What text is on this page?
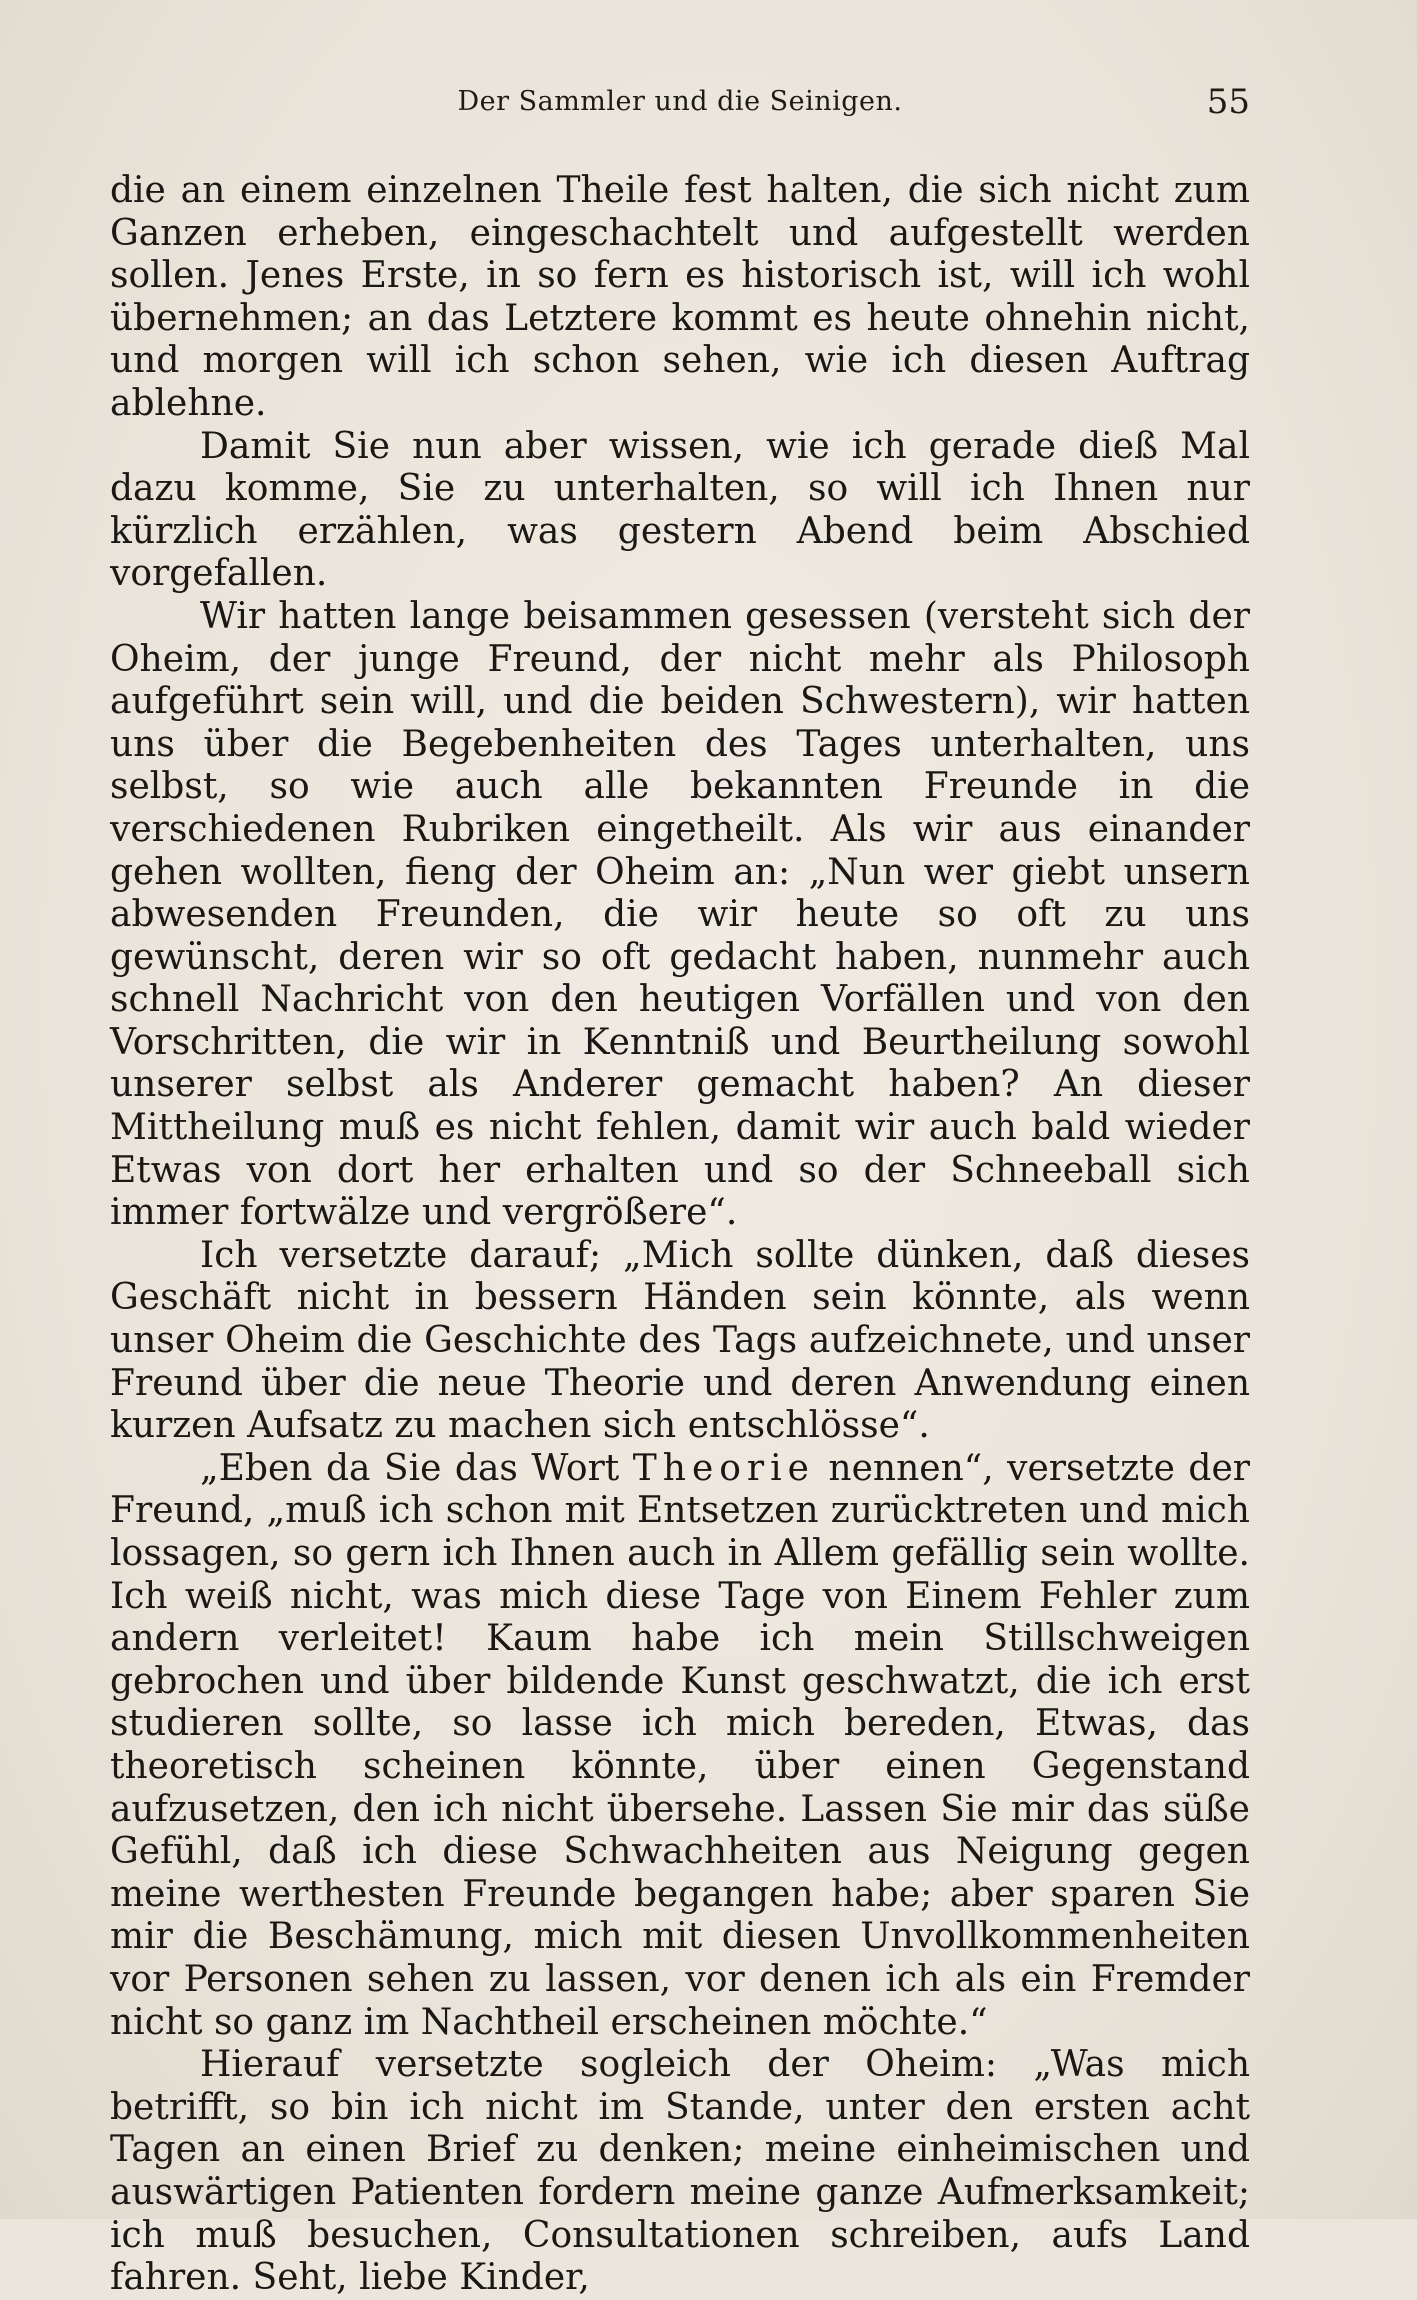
Der Sammler und die Seinigen.	55

die an einem einzelnen Theile fest halten, die sich nicht zum Ganzen erheben, eingeschachtelt und aufgestellt werden sollen. Jenes Erste, in so fern es historisch ist, will ich wohl übernehmen; an das Letztere kommt es heute ohnehin nicht, und morgen will ich schon sehen, wie ich diesen Auftrag ablehne.

Damit Sie nun aber wissen, wie ich gerade dieß Mal dazu komme, Sie zu unterhalten, so will ich Ihnen nur kürzlich erzählen, was gestern Abend beim Abschied vorgefallen.

Wir hatten lange beisammen gesessen (versteht sich der Oheim, der junge Freund, der nicht mehr als Philosoph aufgeführt sein will, und die beiden Schwestern), wir hatten uns über die Begebenheiten des Tages unterhalten, uns selbst, so wie auch alle bekannten Freunde in die verschiedenen Rubriken eingetheilt. Als wir aus einander gehen wollten, fieng der Oheim an: „Nun wer giebt unsern abwesenden Freunden, die wir heute so oft zu uns gewünscht, deren wir so oft gedacht haben, nunmehr auch schnell Nachricht von den heutigen Vorfällen und von den Vorschritten, die wir in Kenntniß und Beurtheilung sowohl unserer selbst als Anderer gemacht haben? An dieser Mittheilung muß es nicht fehlen, damit wir auch bald wieder Etwas von dort her erhalten und so der Schneeball sich immer fortwälze und vergrößere“.

Ich versetzte darauf; „Mich sollte dünken, daß dieses Geschäft nicht in bessern Händen sein könnte, als wenn unser Oheim die Geschichte des Tags aufzeichnete, und unser Freund über die neue Theorie und deren Anwendung einen kurzen Aufsatz zu machen sich entschlösse“.

„Eben da Sie das Wort Theorie nennen“, versetzte der Freund, „muß ich schon mit Entsetzen zurücktreten und mich lossagen, so gern ich Ihnen auch in Allem gefällig sein wollte. Ich weiß nicht, was mich diese Tage von Einem Fehler zum andern verleitet! Kaum habe ich mein Stillschweigen gebrochen und über bildende Kunst geschwatzt, die ich erst studieren sollte, so lasse ich mich bereden, Etwas, das theoretisch scheinen könnte, über einen Gegenstand aufzusetzen, den ich nicht übersehe. Lassen Sie mir das süße Gefühl, daß ich diese Schwachheiten aus Neigung gegen meine werthesten Freunde begangen habe; aber sparen Sie mir die Beschämung, mich mit diesen Unvollkommenheiten vor Personen sehen zu lassen, vor denen ich als ein Fremder nicht so ganz im Nachtheil erscheinen möchte.“

Hierauf versetzte sogleich der Oheim: „Was mich betrifft, so bin ich nicht im Stande, unter den ersten acht Tagen an einen Brief zu denken; meine einheimischen und auswärtigen Patienten fordern meine ganze Aufmerksamkeit; ich muß besuchen, Consultationen schreiben, aufs Land fahren. Seht, liebe Kinder,
